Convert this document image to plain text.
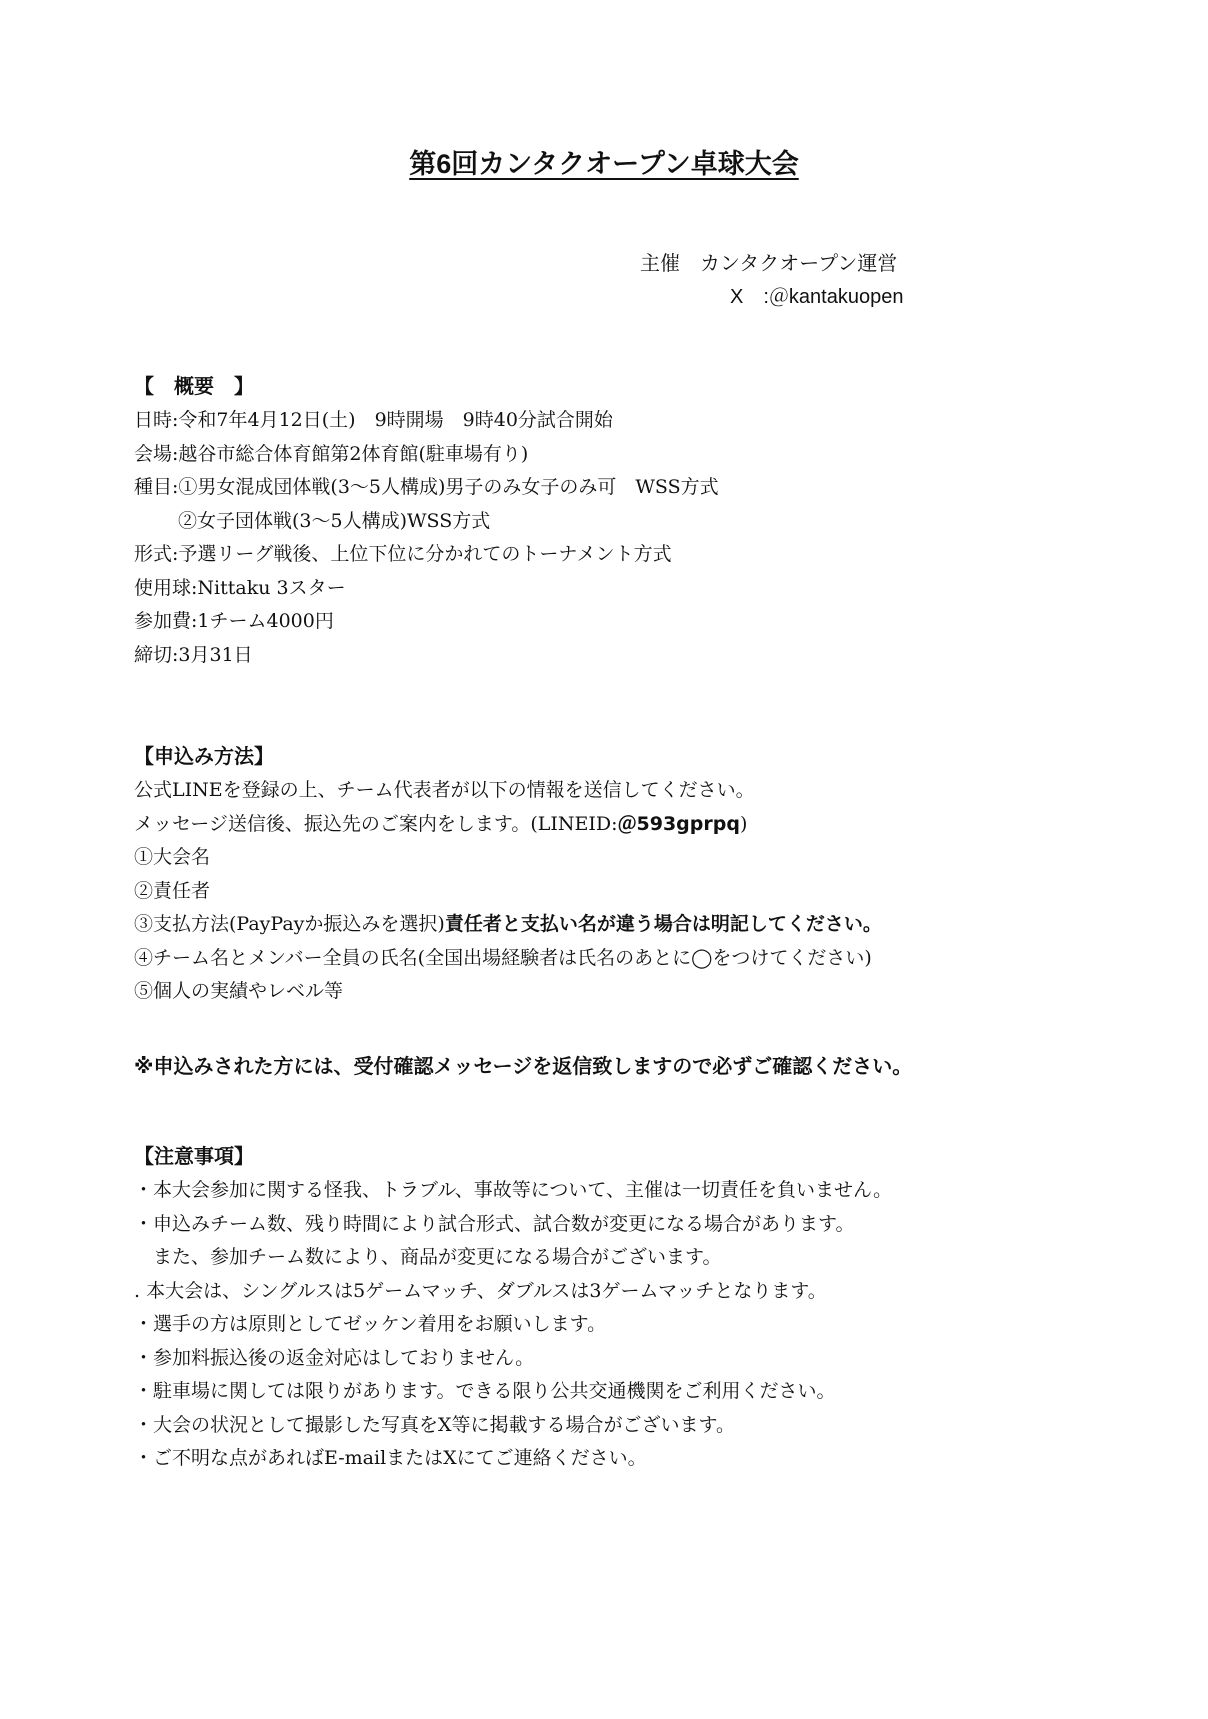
第6回カンタクオープン卓球大会
主催　カンタクオープン運営
X　:＠kantakuopen
【　概要　】
日時:令和7年4月12日(土)　9時開場　9時40分試合開始
会場:越谷市総合体育館第2体育館(駐車場有り)
種目:①男女混成団体戦(3～5人構成)男子のみ女子のみ可　WSS方式
②女子団体戦(3～5人構成)WSS方式
形式:予選リーグ戦後、上位下位に分かれてのトーナメント方式
使用球:Nittaku 3スター
参加費:1チーム4000円
締切:3月31日
【申込み方法】
公式LINEを登録の上、チーム代表者が以下の情報を送信してください。
メッセージ送信後、振込先のご案内をします。(LINEID:＠593gprpq)
①大会名
②責任者
③支払方法(PayPayか振込みを選択)責任者と支払い名が違う場合は明記してください。
④チーム名とメンバー全員の氏名(全国出場経験者は氏名のあとに◯をつけてください)
⑤個人の実績やレベル等
※申込みされた方には、受付確認メッセージを返信致しますので必ずご確認ください。
【注意事項】
・本大会参加に関する怪我、トラブル、事故等について、主催は一切責任を負いません。
・申込みチーム数、残り時間により試合形式、試合数が変更になる場合があります。
　また、参加チーム数により、商品が変更になる場合がございます。
. 本大会は、シングルスは5ゲームマッチ、ダブルスは3ゲームマッチとなります。
・選手の方は原則としてゼッケン着用をお願いします。
・参加料振込後の返金対応はしておりません。
・駐車場に関しては限りがあります。できる限り公共交通機関をご利用ください。
・大会の状況として撮影した写真をX等に掲載する場合がございます。
・ご不明な点があればE-mailまたはXにてご連絡ください。
